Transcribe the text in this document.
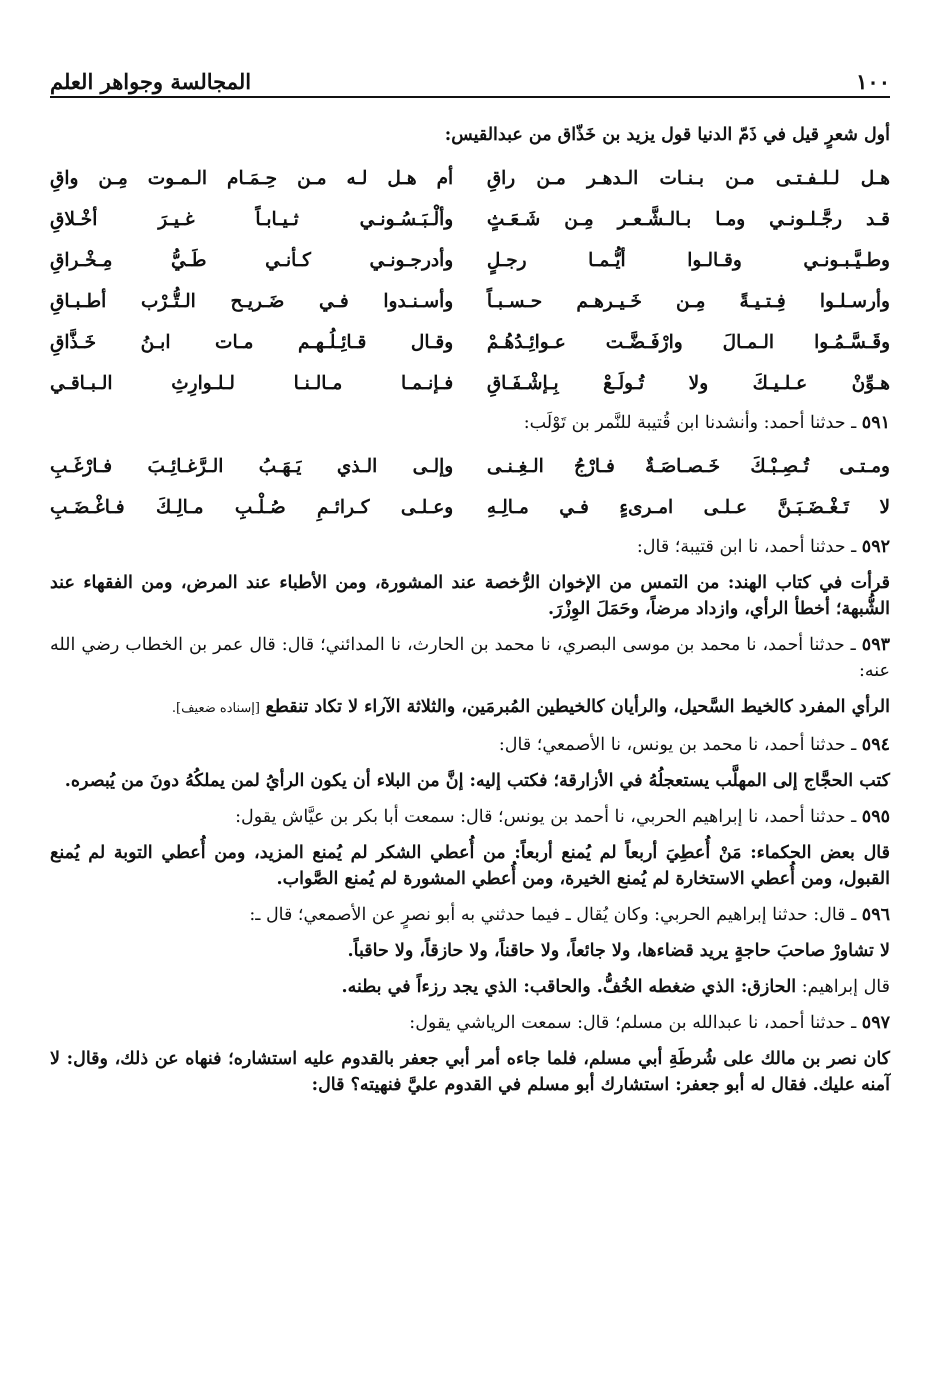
١٠٠
المجالسة وجواهر العلم

أول شعرٍ قيل في ذَمّ الدنيا قول يزيد بن خَذّاق من عبدالقيس:

هـل لـلـفـتـى مـن بـنـات الـدهـر مـن راقِ
أم هـل لـه مـن حِـمَـام الـمـوت مِـن واقِ
قـد رجَّـلـونـي ومـا بـالـشَّـعـر مِـن شَـعَـثٍ
وألْـبَـسُـونـي ثـيـابـاً غـيـرَ أخْـلاقِ
وطـيَّـبـونـي وقـالـوا أيُّـمـا رجـلٍ
وأدرجـونـي كـأنـي طَـيُّ مِـخْـراقِ
وأرسـلـوا فِـتـيـةً مِـن خَـيـرهـم حـسـبـاً
وأسـنـدوا فـي ضَـريـح الـتُّـرْب أطـبـاقِ
وقَـسَّـمُـوا الـمـالَ وارْفَـضَّـت عـوائِـدُهُـمْ
وقـال قـائِـلُـهـم مـات ابـنُ خَـذَّاقِ
هـوِّنْ عـلـيـكَ ولا تُـولَـعْ بِـإشْـفَـاقِ
فـإنـمـا مـالـنـا لـلـوارِثِ الـبـاقـي

٥٩١ ـ حدثنا أحمد: وأنشدنا ابن قُتيبة للنَّمر بن تَوْلَب:

ومـتـى تُـصِـبْـكَ خَـصـاصَـةٌ فـارْجُ الـغِـنـى
وإلـى الـذي يَـهَـبُ الـرَّغـائِـبَ فـارْغَـبِ
لا تَـغْـضَـبَـنَّ عـلـى امـرىءٍ فـي مـالِـهِ
وعـلـى كـرائـمِ صُـلْـبِ مـالِـكَ فـاغْـضَـبِ

٥٩٢ ـ حدثنا أحمد، نا ابن قتيبة؛ قال:

قرأت في كتاب الهند: من التمس من الإخوان الرُّخصة عند المشورة، ومن الأطباء عند المرض، ومن الفقهاء عند الشُّبهة؛ أخطأ الرأي، وازداد مرضاً، وحَمَلَ الوِزْرَ.

٥٩٣ ـ حدثنا أحمد، نا محمد بن موسى البصري، نا محمد بن الحارث، نا المدائني؛ قال: قال عمر بن الخطاب رضي الله عنه:

الرأي المفرد كالخيط السَّحيل، والرأيان كالخيطين المُبرمَين، والثلاثة الآراء لا تكاد تنقطع [إسناده ضعيف].

٥٩٤ ـ حدثنا أحمد، نا محمد بن يونس، نا الأصمعي؛ قال:

كتب الحجَّاج إلى المهلَّب يستعجلُهُ في الأزارقة؛ فكتب إليه: إنَّ من البلاء أن يكون الرأيُ لمن يملكُهُ دونَ من يُبصره.

٥٩٥ ـ حدثنا أحمد، نا إبراهيم الحربي، نا أحمد بن يونس؛ قال: سمعت أبا بكر بن عيَّاش يقول:

قال بعض الحكماء: مَنْ أُعطِيَ أربعاً لم يُمنع أربعاً: من أُعطي الشكر لم يُمنع المزيد، ومن أُعطي التوبة لم يُمنع القبول، ومن أُعطي الاستخارة لم يُمنع الخيرة، ومن أُعطي المشورة لم يُمنع الصَّواب.

٥٩٦ ـ قال: حدثنا إبراهيم الحربي: وكان يُقال ـ فيما حدثني به أبو نصرٍ عن الأصمعي؛ قال ـ:

لا تشاورْ صاحبَ حاجةٍ يريد قضاءها، ولا جائعاً، ولا حاقناً، ولا حازقاً، ولا حاقباً.

قال إبراهيم: الحازق: الذي ضغطه الخُفُّ. والحاقب: الذي يجد رزءاً في بطنه.

٥٩٧ ـ حدثنا أحمد، نا عبدالله بن مسلم؛ قال: سمعت الرياشي يقول:

كان نصر بن مالك على شُرطَةِ أبي مسلم، فلما جاءه أمر أبي جعفر بالقدوم عليه استشاره؛ فنهاه عن ذلك، وقال: لا آمنه عليك. فقال له أبو جعفر: استشارك أبو مسلم في القدوم عليَّ فنهيته؟ قال:
